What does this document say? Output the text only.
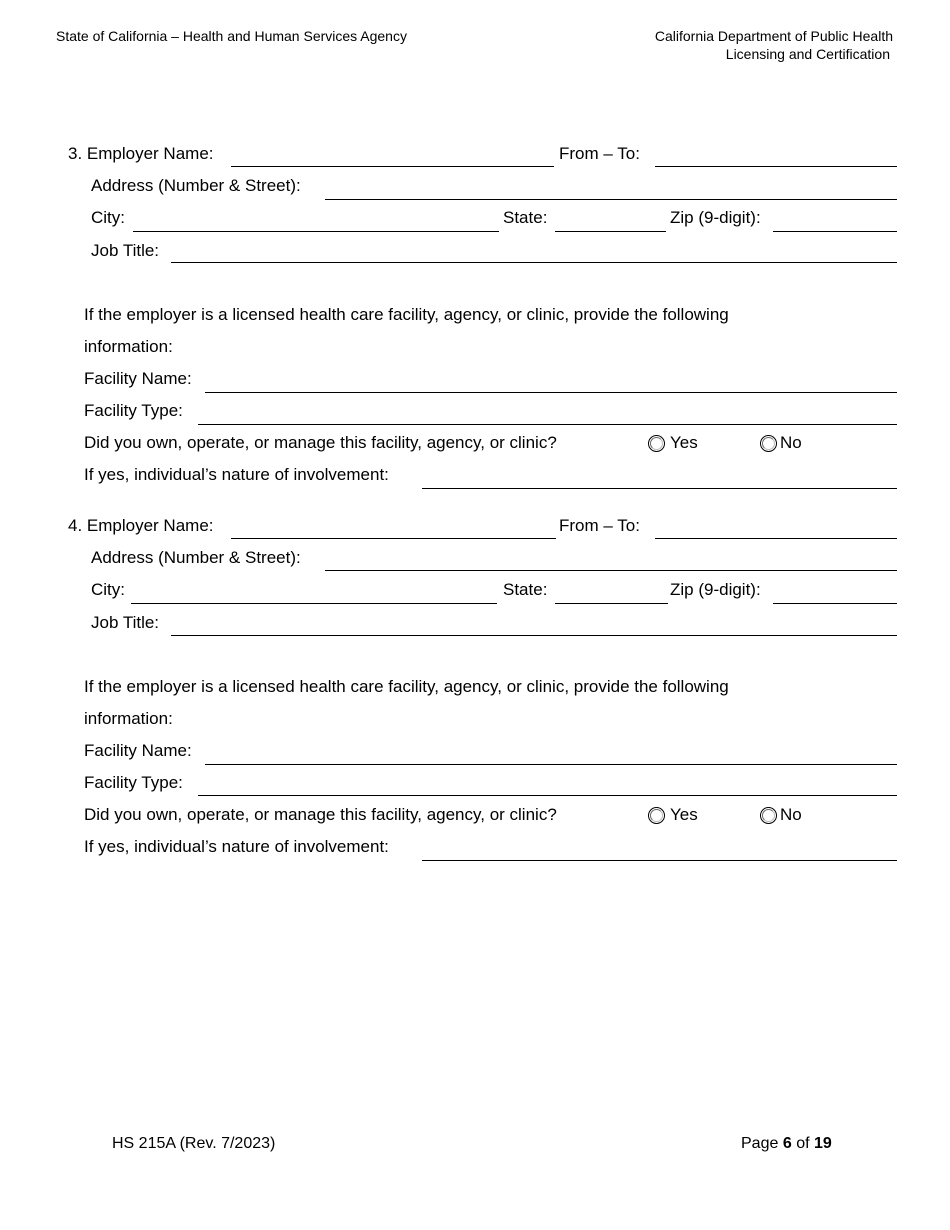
State of California – Health and Human Services Agency	California Department of Public Health
Licensing and Certification
3. Employer Name:	From – To:
Address (Number & Street):
City:	State:	Zip (9-digit):
Job Title:
If the employer is a licensed health care facility, agency, or clinic, provide the following
information:
Facility Name:
Facility Type:
Did you own, operate, or manage this facility, agency, or clinic?	Yes	No
If yes, individual’s nature of involvement:
4. Employer Name:	From – To:
Address (Number & Street):
City:	State:	Zip (9-digit):
Job Title:
If the employer is a licensed health care facility, agency, or clinic, provide the following
information:
Facility Name:
Facility Type:
Did you own, operate, or manage this facility, agency, or clinic?	Yes	No
If yes, individual’s nature of involvement:
HS 215A (Rev. 7/2023)	Page 6 of 19
